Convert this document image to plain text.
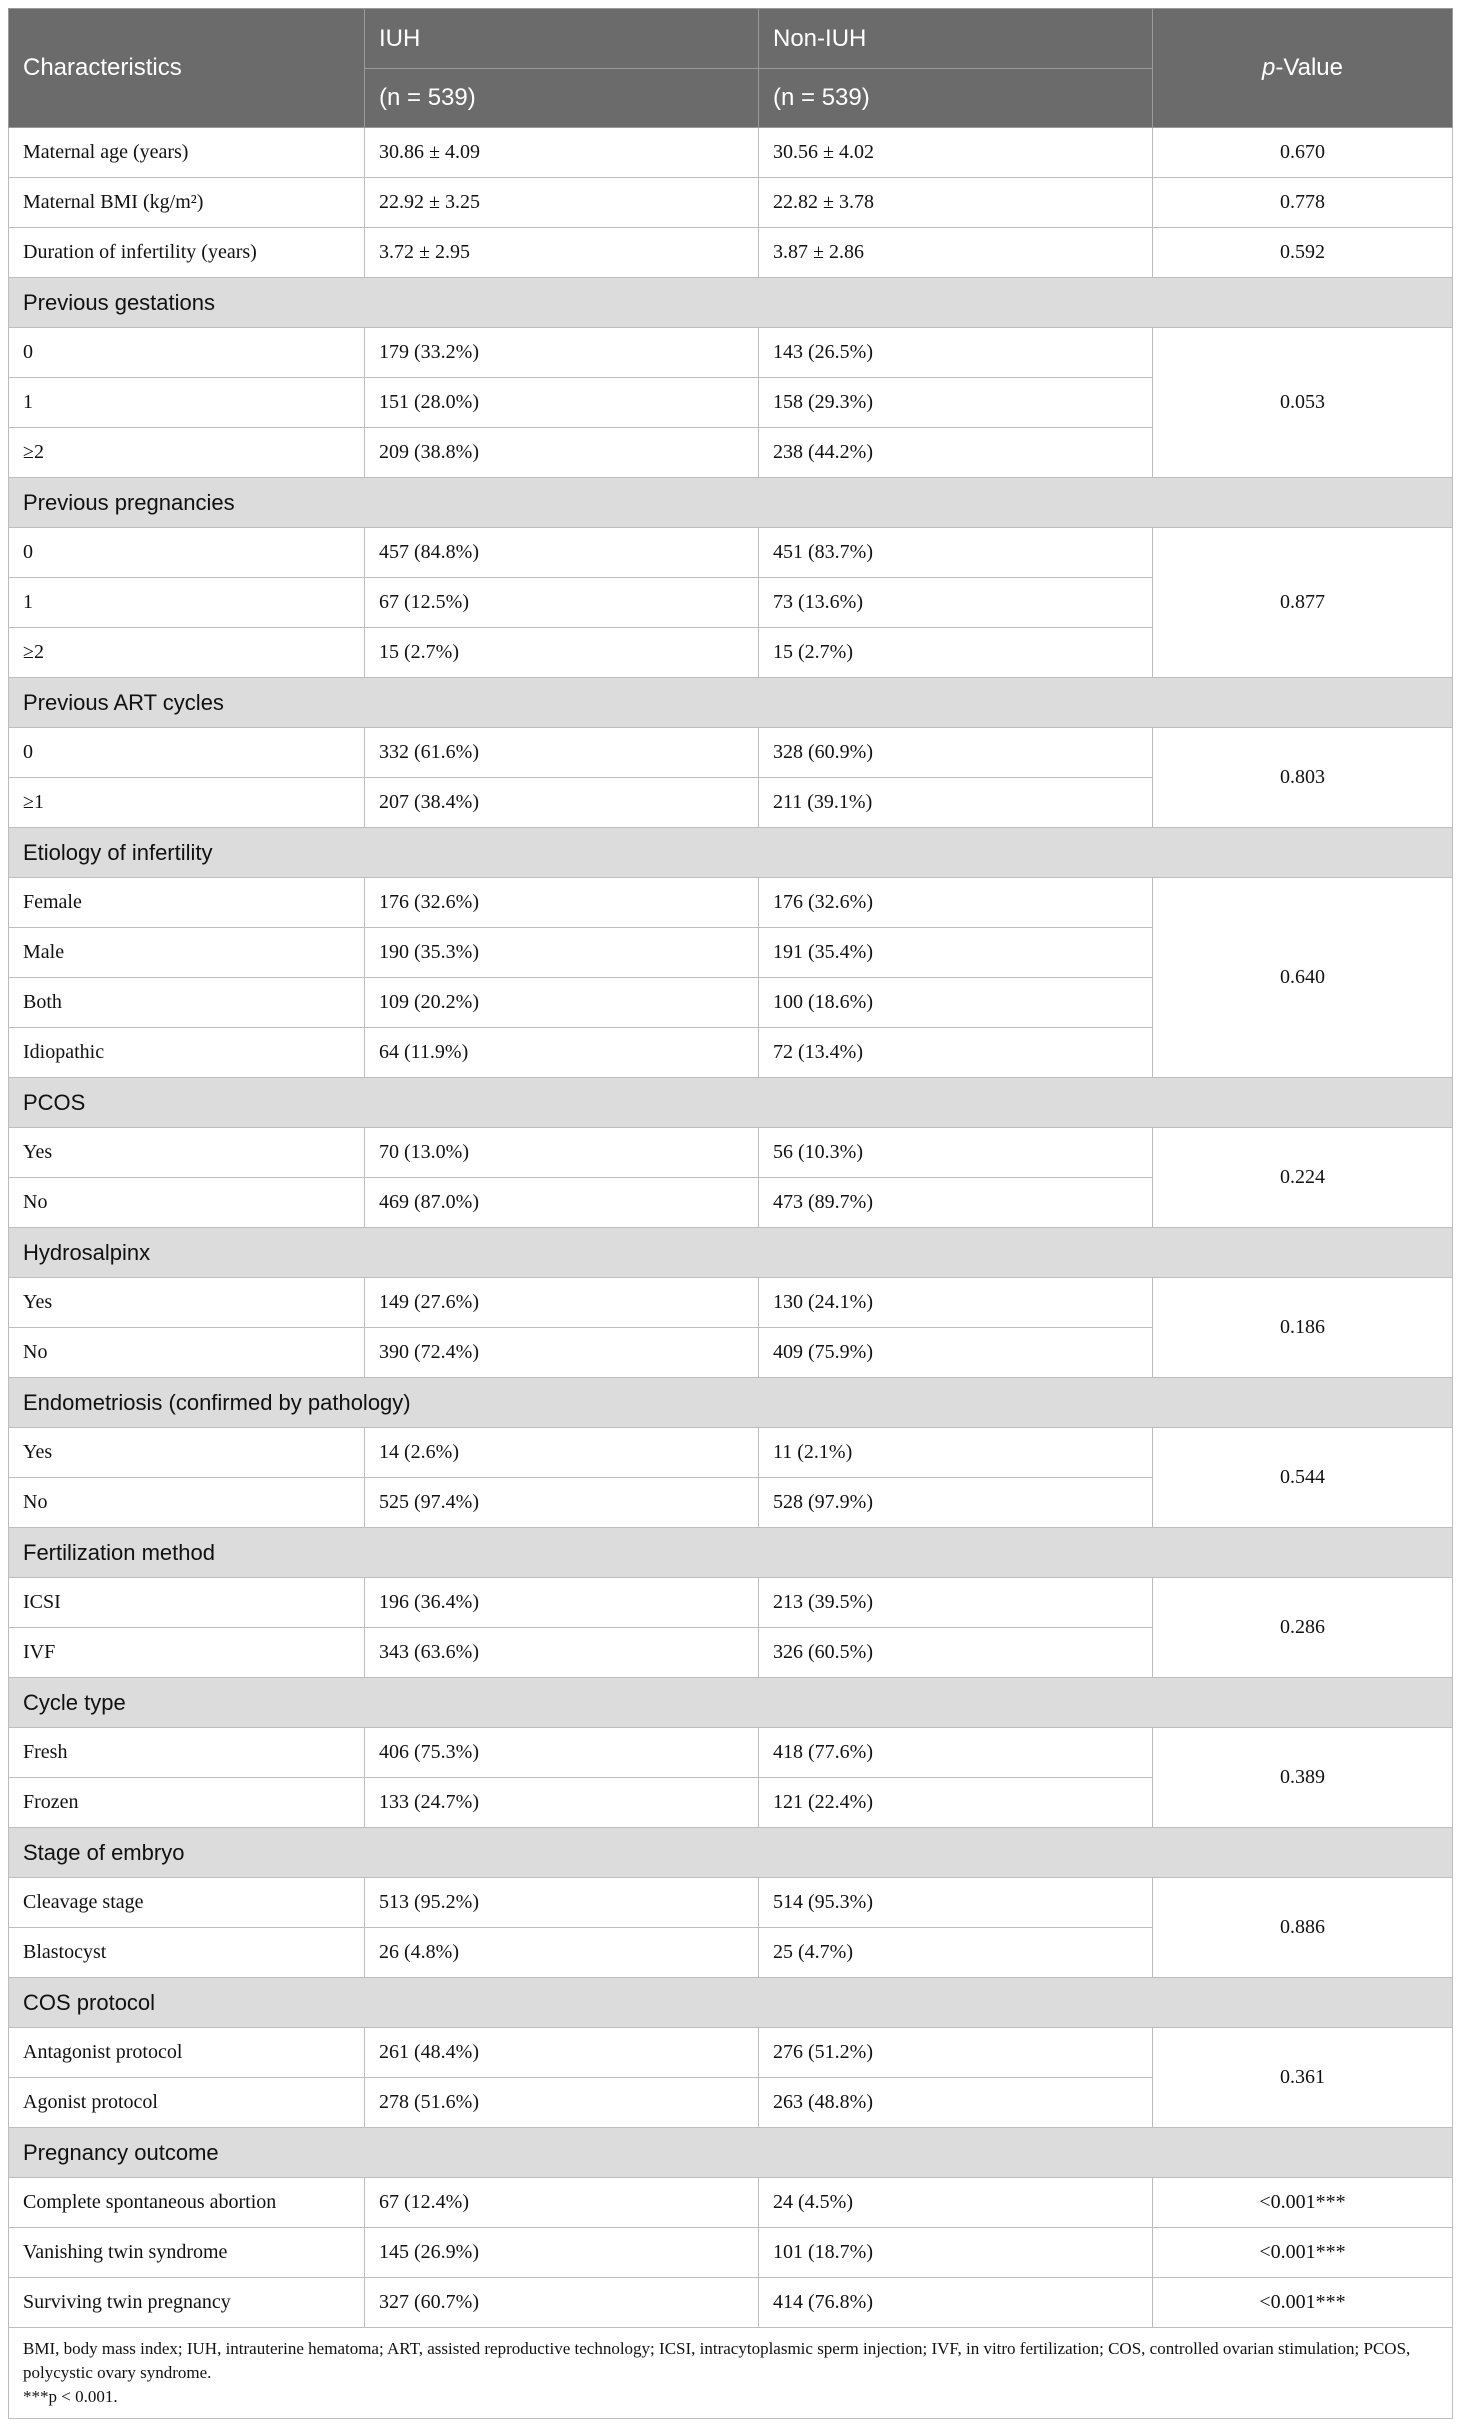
Characteristics	IUH	Non-IUH	p-Value
	(n = 539)	(n = 539)	
Maternal age (years)	30.86 ± 4.09	30.56 ± 4.02	0.670
Maternal BMI (kg/m²)	22.92 ± 3.25	22.82 ± 3.78	0.778
Duration of infertility (years)	3.72 ± 2.95	3.87 ± 2.86	0.592
Previous gestations			
0	179 (33.2%)	143 (26.5%)	0.053
1	151 (28.0%)	158 (29.3%)	
≥2	209 (38.8%)	238 (44.2%)	
Previous pregnancies			
0	457 (84.8%)	451 (83.7%)	0.877
1	67 (12.5%)	73 (13.6%)	
≥2	15 (2.7%)	15 (2.7%)	
Previous ART cycles			
0	332 (61.6%)	328 (60.9%)	0.803
≥1	207 (38.4%)	211 (39.1%)	
Etiology of infertility			
Female	176 (32.6%)	176 (32.6%)	0.640
Male	190 (35.3%)	191 (35.4%)	
Both	109 (20.2%)	100 (18.6%)	
Idiopathic	64 (11.9%)	72 (13.4%)	
PCOS			
Yes	70 (13.0%)	56 (10.3%)	0.224
No	469 (87.0%)	473 (89.7%)	
Hydrosalpinx			
Yes	149 (27.6%)	130 (24.1%)	0.186
No	390 (72.4%)	409 (75.9%)	
Endometriosis (confirmed by pathology)			
Yes	14 (2.6%)	11 (2.1%)	0.544
No	525 (97.4%)	528 (97.9%)	
Fertilization method			
ICSI	196 (36.4%)	213 (39.5%)	0.286
IVF	343 (63.6%)	326 (60.5%)	
Cycle type			
Fresh	406 (75.3%)	418 (77.6%)	0.389
Frozen	133 (24.7%)	121 (22.4%)	
Stage of embryo			
Cleavage stage	513 (95.2%)	514 (95.3%)	0.886
Blastocyst	26 (4.8%)	25 (4.7%)	
COS protocol			
Antagonist protocol	261 (48.4%)	276 (51.2%)	0.361
Agonist protocol	278 (51.6%)	263 (48.8%)	
Pregnancy outcome			
Complete spontaneous abortion	67 (12.4%)	24 (4.5%)	<0.001***
Vanishing twin syndrome	145 (26.9%)	101 (18.7%)	<0.001***
Surviving twin pregnancy	327 (60.7%)	414 (76.8%)	<0.001***

BMI, body mass index; IUH, intrauterine hematoma; ART, assisted reproductive technology; ICSI, intracytoplasmic sperm injection; IVF, in vitro fertilization; COS, controlled ovarian stimulation; PCOS, polycystic ovary syndrome.
***p < 0.001.			
